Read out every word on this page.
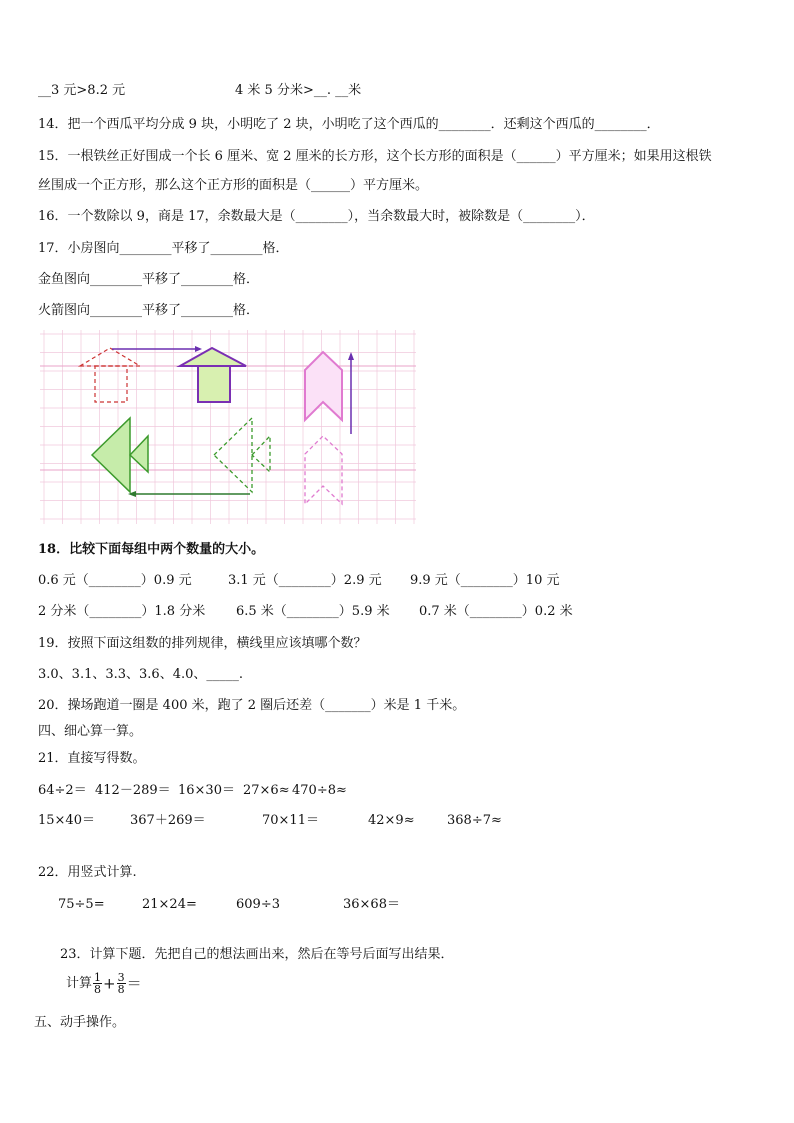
__3 元>8.2 元	4 米 5 分米>__. __米
14．把一个西瓜平均分成 9 块，小明吃了 2 块，小明吃了这个西瓜的________．还剩这个西瓜的________．
15．一根铁丝正好围成一个长 6 厘米、宽 2 厘米的长方形，这个长方形的面积是（______）平方厘米；如果用这根铁
丝围成一个正方形，那么这个正方形的面积是（______）平方厘米。
16．一个数除以 9，商是 17，余数最大是（________），当余数最大时，被除数是（________）．
17．小房图向________平移了________格．
金鱼图向________平移了________格．
火箭图向________平移了________格．
18．比较下面每组中两个数量的大小。
0.6 元（________）0.9 元	3.1 元（________）2.9 元 9.9 元（________）10 元
2 分米（________）1.8 分米 6.5 米（________）5.9 米 0.7 米（________）0.2 米
19．按照下面这组数的排列规律，横线里应该填哪个数？
3.0、3.1、3.3、3.6、4.0、_____.
20．操场跑道一圈是 400 米，跑了 2 圈后还差（_______）米是 1 千米。
四、细心算一算。
21．直接写得数。
64÷2＝ 412－289＝ 16×30＝ 27×6≈ 470÷8≈
15×40＝	367＋269＝	70×11＝	42×9≈ 368÷7≈
22．用竖式计算.
75÷5=	21×24=	609÷3	36×68＝
23．计算下题．先把自己的想法画出来，然后在等号后面写出结果．
计算 $\frac{1}{8} + \frac{3}{8}$ ＝
五、动手操作。
